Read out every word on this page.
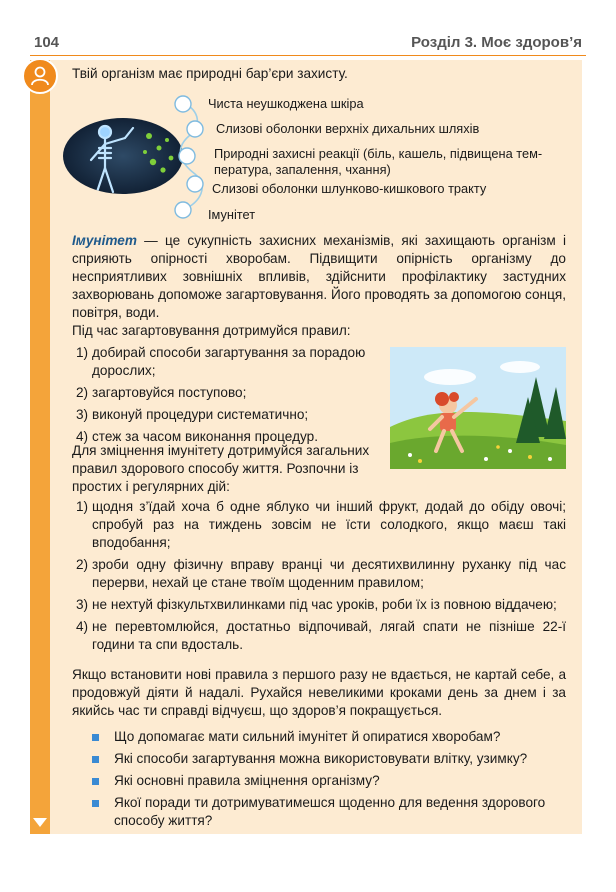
104	Розділ 3. Моє здоров’я

Твій організм має природні бар’єри захисту.

Чиста неушкоджена шкіра
Слизові оболонки верхніх дихальних шляхів
Природні захисні реакції (біль, кашель, підвищена тем-
пература, запалення, чхання)
Слизові оболонки шлунково-кишкового тракту
Імунітет

Імунітет — це сукупність захисних механізмів, які захищають організм і сприяють опірності хворобам. Підвищити опірність організму до несприятливих зовнішніх впливів, здійснити профілактику застудних захворювань допоможе загартовування. Його проводять за допомогою сонця, повітря, води.

Під час загартовування дотримуйся правил:

1) добирай способи загартування за порадою дорослих;
2) загартовуйся поступово;
3) виконуй процедури систематично;
4) стеж за часом виконання процедур.

Для зміцнення імунітету дотримуйся загальних правил здорового способу життя. Розпочни із простих і регулярних дій:

1) щодня з’їдай хоча б одне яблуко чи інший фрукт, додай до обіду овочі; спробуй раз на тиждень зовсім не їсти солодкого, якщо маєш такі вподобання;
2) зроби одну фізичну вправу вранці чи десятихвилинну руханку під час перерви, нехай це стане твоїм щоденним правилом;
3) не нехтуй фізкультхвилинками під час уроків, роби їх із повною віддачею;
4) не перевтомлюйся, достатньо відпочивай, лягай спати не пізніше 22-ї години та спи вдосталь.

Якщо встановити нові правила з першого разу не вдається, не картай себе, а продовжуй діяти й надалі. Рухайся невеликими кроками день за днем і за якийсь час ти справді відчуєш, що здоров’я покращується.

Що допомагає мати сильний імунітет й опиратися хворобам?
Які способи загартування можна використовувати влітку, узимку?
Які основні правила зміцнення організму?
Якої поради ти дотримуватимешся щоденно для ведення здорового способу життя?
